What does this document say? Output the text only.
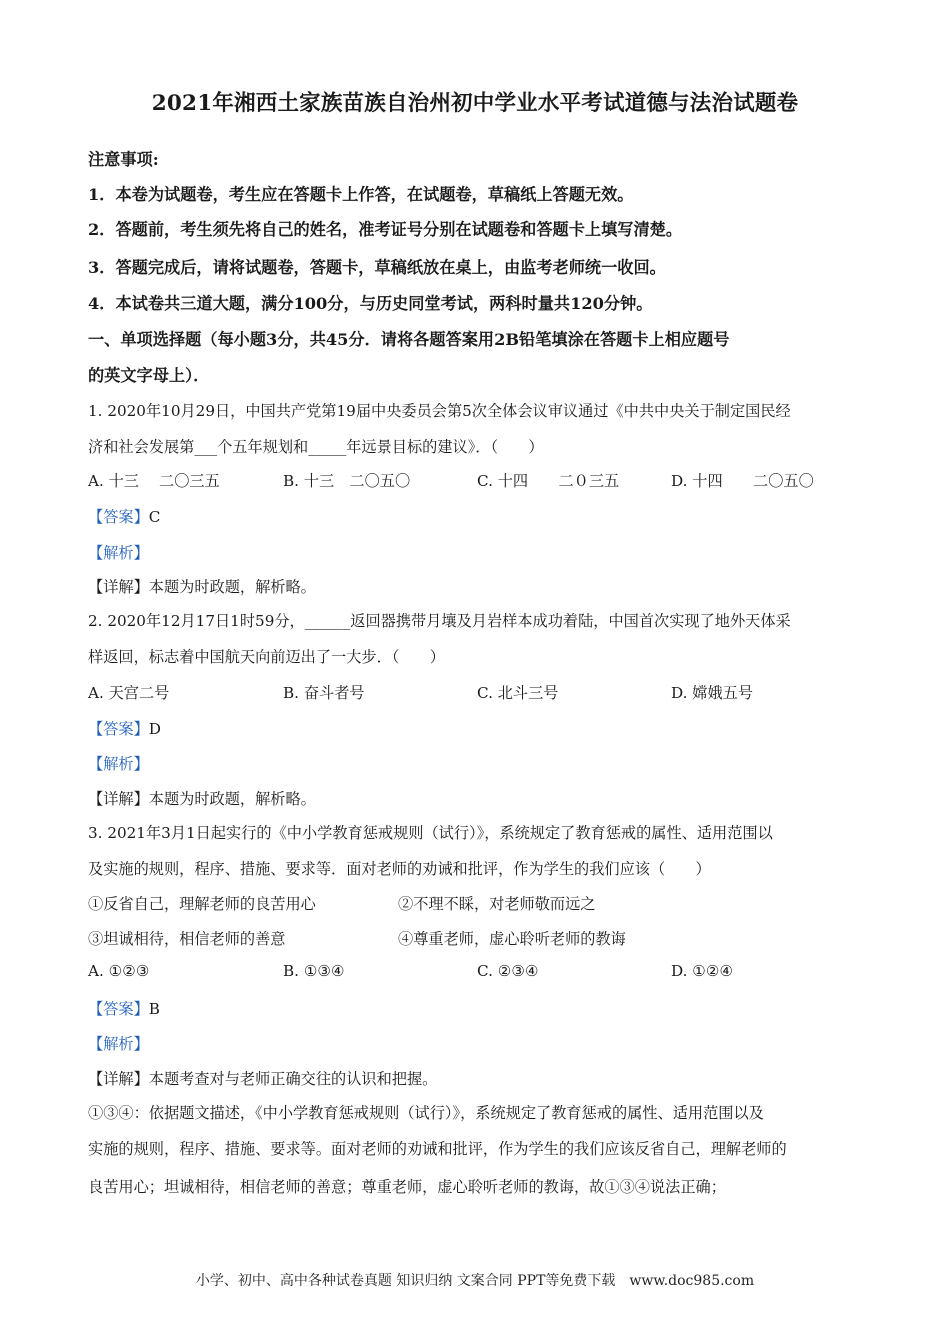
2021年湘西土家族苗族自治州初中学业水平考试道德与法治试题卷
注意事项:
1．本卷为试题卷，考生应在答题卡上作答，在试题卷，草稿纸上答题无效。
2．答题前，考生须先将自己的姓名，准考证号分别在试题卷和答题卡上填写清楚。
3．答题完成后，请将试题卷，答题卡，草稿纸放在桌上，由监考老师统一收回。
4．本试卷共三道大题，满分100分，与历史同堂考试，两科时量共120分钟。
一、单项选择题（每小题3分，共45分．请将各题答案用2B铅笔填涂在答题卡上相应题号
的英文字母上）．
1. 2020年10月29日，中国共产党第19届中央委员会第5次全体会议审议通过《中共中央关于制定国民经
济和社会发展第___个五年规划和_____年远景目标的建议》．（　　）
A. 十三　 二〇三五	B. 十三　二〇五〇	C. 十四　　二０三五	D. 十四　　二〇五〇
【答案】C
【解析】
【详解】本题为时政题，解析略。
2. 2020年12月17日1时59分，______返回器携带月壤及月岩样本成功着陆，中国首次实现了地外天体采
样返回，标志着中国航天向前迈出了一大步．（　　）
A. 天宫二号	B. 奋斗者号	C. 北斗三号	D. 嫦娥五号
【答案】D
【解析】
【详解】本题为时政题，解析略。
3. 2021年3月1日起实行的《中小学教育惩戒规则（试行）》，系统规定了教育惩戒的属性、适用范围以
及实施的规则，程序、措施、要求等．面对老师的劝诫和批评，作为学生的我们应该（　　）
①反省自己，理解老师的良苦用心	②不理不睬，对老师敬而远之
③坦诚相待，相信老师的善意	④尊重老师，虚心聆听老师的教诲
A. ①②③	B. ①③④	C. ②③④	D. ①②④
【答案】B
【解析】
【详解】本题考查对与老师正确交往的认识和把握。
①③④：依据题文描述，《中小学教育惩戒规则（试行）》，系统规定了教育惩戒的属性、适用范围以及
实施的规则，程序、措施、要求等。面对老师的劝诫和批评，作为学生的我们应该反省自己，理解老师的
良苦用心；坦诚相待，相信老师的善意；尊重老师，虚心聆听老师的教诲，故①③④说法正确；
小学、初中、高中各种试卷真题 知识归纳 文案合同 PPT等免费下载　www.doc985.com
